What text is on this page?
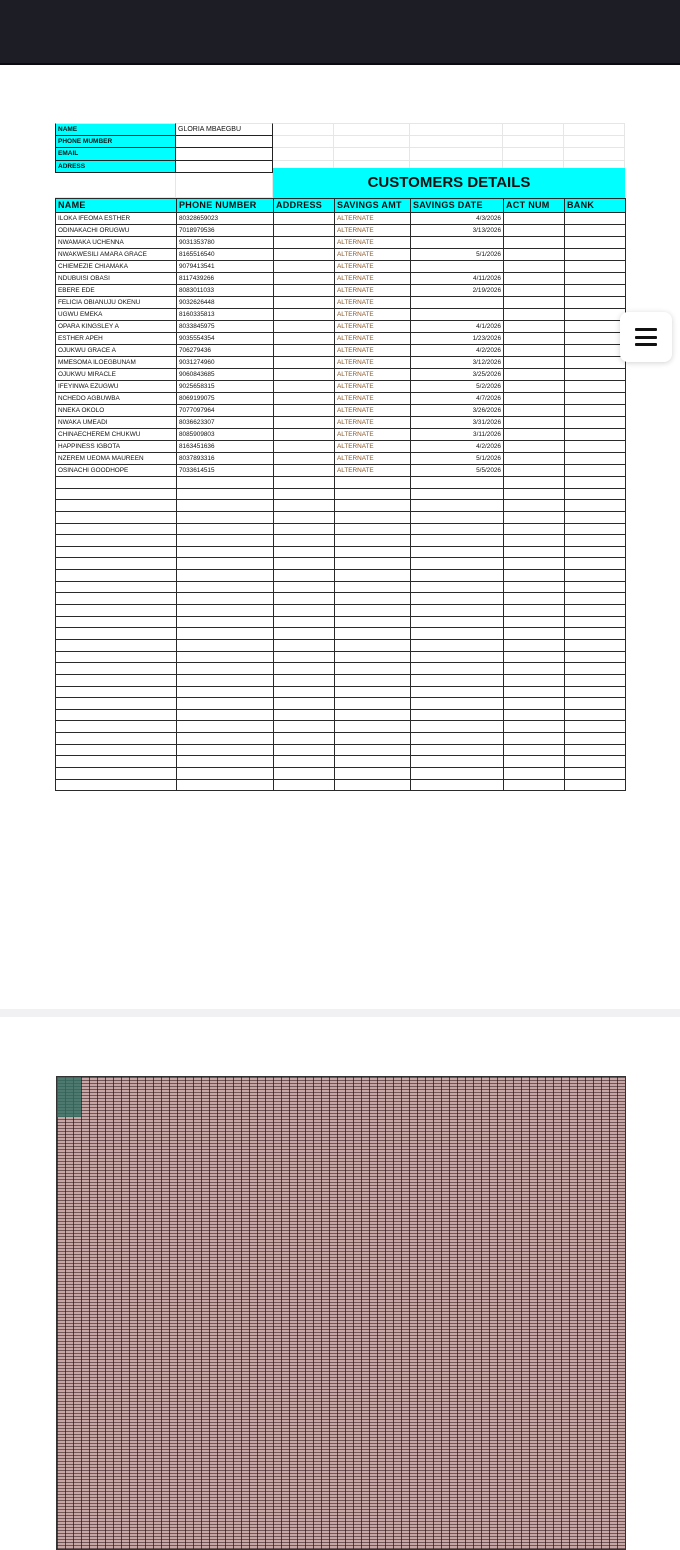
NAME	GLORIA MBAEGBU
PHONE MUMBER
EMAIL
ADRESS
CUSTOMERS DETAILS
NAME	PHONE NUMBER	ADDRESS	SAVINGS AMT	SAVINGS DATE	ACT NUM	BANK
ILOKA IFEOMA ESTHER	80328659023		ALTERNATE	4/3/2026		
ODINAKACHI ORUGWU	7018979536		ALTERNATE	3/13/2026		
NWAMAKA UCHENNA	9031353780		ALTERNATE			
NWAKWESILI AMARA GRACE	8165516540		ALTERNATE	5/1/2026		
CHIEMEZIE CHIAMAKA	9079413541		ALTERNATE			
NDUBUISI OBASI	8117439266		ALTERNATE	4/11/2026		
EBERE EDE	8083011033		ALTERNATE	2/19/2026		
FELICIA OBIANUJU OKENU	9032626448		ALTERNATE			
UGWU EMEKA	8160335813		ALTERNATE			
OPARA KINGSLEY A	8033845975		ALTERNATE	4/1/2026		
ESTHER APEH	9035554354		ALTERNATE	1/23/2026		
OJUKWU GRACE A	706279436		ALTERNATE	4/2/2026		
MMESOMA ILOEGBUNAM	9031274960		ALTERNATE	3/12/2026		
OJUKWU MIRACLE	9060843685		ALTERNATE	3/25/2026		
IFEYINWA EZUGWU	9025658315		ALTERNATE	5/2/2026		
NCHEDO AGBUWBA	8069199075		ALTERNATE	4/7/2026		
NNEKA OKOLO	7077097964		ALTERNATE	3/26/2026		
NWAKA UMEADI	8036623307		ALTERNATE	3/31/2026		
CHINAECHEREM CHUKWU	8085909803		ALTERNATE	3/11/2026		
HAPPINESS IGBOTA	8163451636		ALTERNATE	4/2/2026		
NZEREM UEOMA MAUREEN	8037893316		ALTERNATE	5/1/2026		
OSINACHI GOODHOPE	7033614515		ALTERNATE	5/5/2026		
